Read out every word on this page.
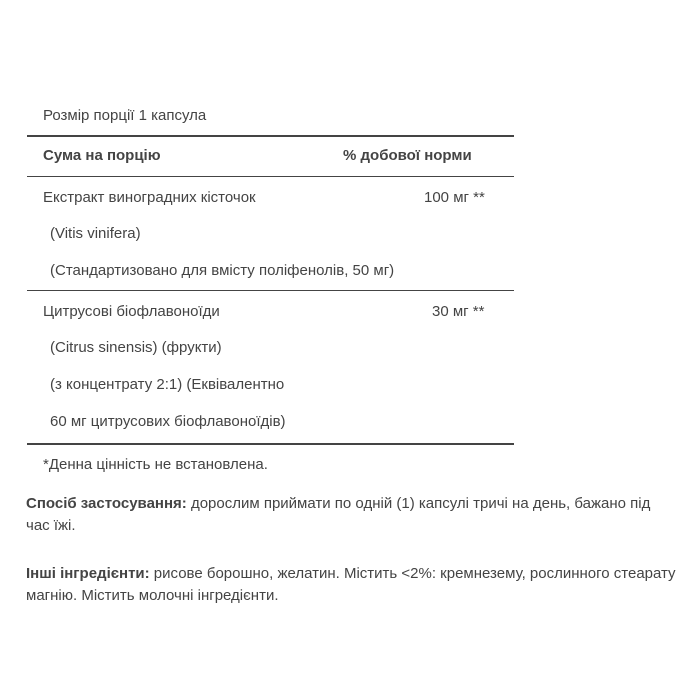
Розмір порції 1 капсула
Сума на порцію	% добової норми
Екстракт виноградних кісточок	100 мг **
(Vitis vinifera)
(Стандартизовано для вмісту поліфенолів, 50 мг)
Цитрусові біофлавоноїди	30 мг **
(Citrus sinensis) (фрукти)
(з концентрату 2:1) (Еквівалентно
60 мг цитрусових біофлавоноїдів)
*Денна цінність не встановлена.
Спосіб застосування: дорослим приймати по одній (1) капсулі тричі на день, бажано під час їжі.
Інші інгредієнти: рисове борошно, желатин. Містить <2%: кремнезему, рослинного стеарату магнію. Містить молочні інгредієнти.
